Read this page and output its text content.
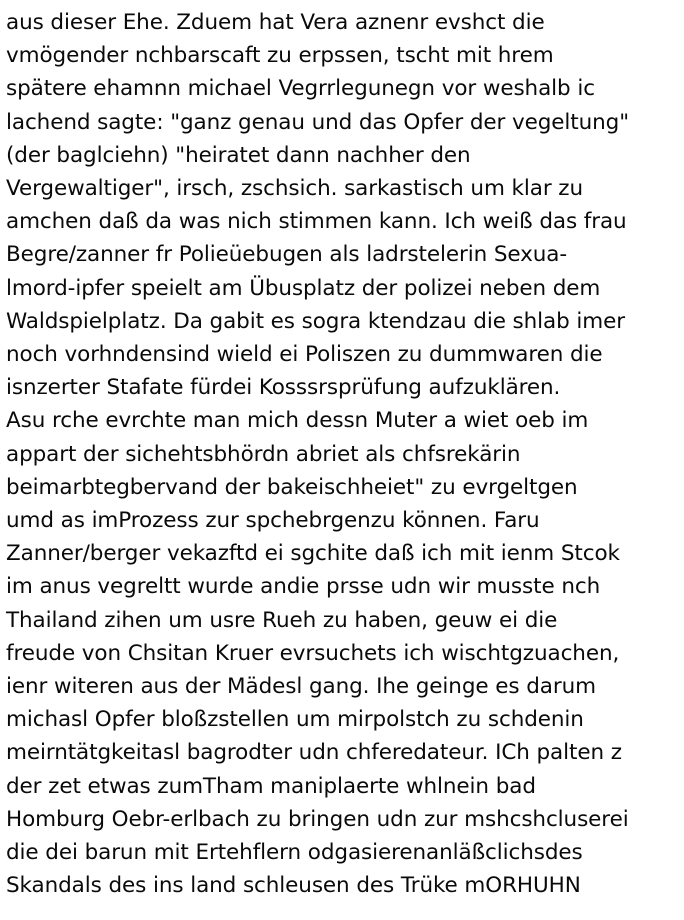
aus dieser Ehe. Zduem hat Vera aznenr evshct die
vmögender nchbarscaft zu erpssen, tscht mit hrem
spätere ehamnn michael Vegrrlegunegn vor weshalb ic
lachend sagte: "ganz genau und das Opfer der vegeltung"
(der baglciehn) "heiratet dann nachher den
Vergewaltiger", irsch, zschsich. sarkastisch um klar zu
amchen daß da was nich stimmen kann. Ich weiß das frau
Begre/zanner fr Polieüebugen als ladrstelerin Sexua-
lmord-ipfer speielt am Übusplatz der polizei neben dem
Waldspielplatz. Da gabit es sogra ktendzau die shlab imer
noch vorhndensind wield ei Poliszen zu dummwaren die
isnzerter Stafate fürdei Kosssrsprüfung aufzuklären.
Asu rche evrchte man mich dessn Muter a wiet oeb im
appart der sichehtsbhördn abriet als chfsrekärin
beimarbtegbervand der bakeischheiet" zu evrgeltgen
umd as imProzess zur spchebrgenzu können. Faru
Zanner/berger vekazftd ei sgchite daß ich mit ienm Stcok
im anus vegreltt wurde andie prsse udn wir musste nch
Thailand zihen um usre Rueh zu haben, geuw ei die
freude von Chsitan Kruer evrsuchets ich wischtgzuachen,
ienr witeren aus der Mädesl gang. Ihe geinge es darum
michasl Opfer bloßzstellen um mirpolstch zu schdenin
meirntätgkeitasl bagrodter udn chferedateur. ICh palten z
der zet etwas zumTham maniplaerte whlnein bad
Homburg Oebr-erlbach zu bringen udn zur mshcshcluserei
die dei barun mit Ertehflern odgasierenanläßclichsdes
Skandals des ins land schleusen des Trüke mORHUHN
